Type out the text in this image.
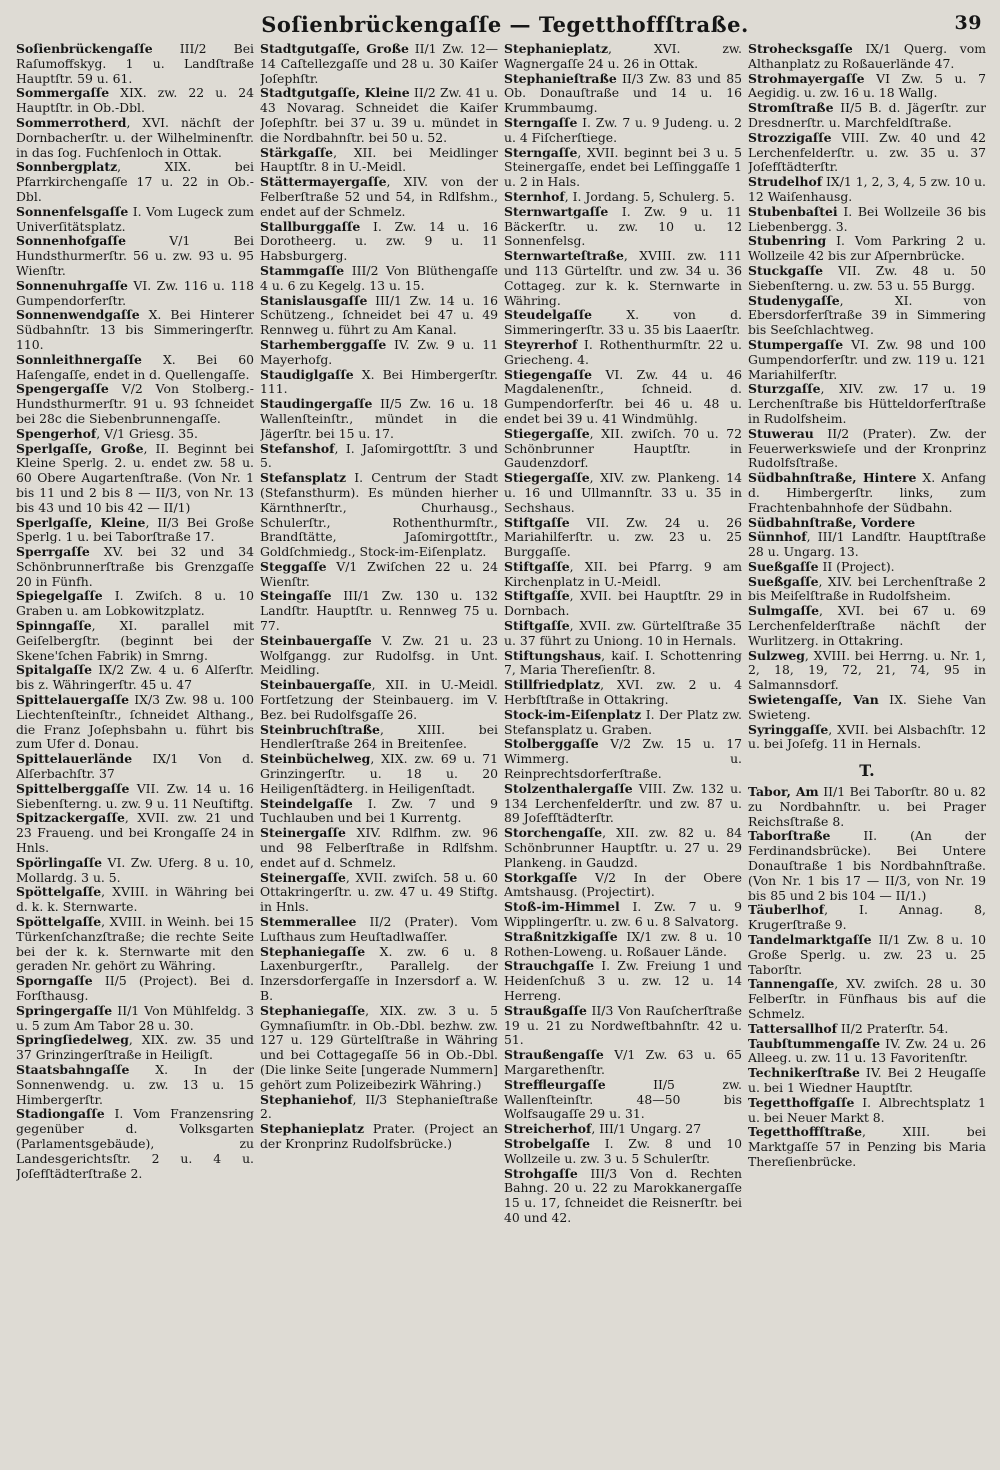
Soſienbrückengaſſe — Tegetthoffſtraße.	39

Soſienbrückengaſſe III/2 Bei Raſumoffskyg. 1 u. Landſtraße Hauptſtr. 59 u. 61.

Sommergaſſe XIX. zw. 22 u. 24 Hauptſtr. in Ob.-Dbl.

Sommerrotherd, XVI. nächſt der Dornbacherſtr. u. der Wilhelminenſtr. in das ſog. Fuchſenloch in Ottak.

Sonnbergplatz, XIX. bei Pfarrkirchengaſſe 17 u. 22 in Ob.-Dbl.

Sonnenfelsgaſſe I. Vom Lugeck zum Univerſitätsplatz.

Sonnenhofgaſſe V/1 Bei Hundsthurmerſtr. 56 u. zw. 93 u. 95 Wienſtr.

Sonnenuhrgaſſe VI. Zw. 116 u. 118 Gumpendorferſtr.

Sonnenwendgaſſe X. Bei Hinterer Südbahnſtr. 13 bis Simmeringerſtr. 110.

Sonnleithnergaſſe X. Bei 60 Haſengaſſe, endet in d. Quellengaſſe.

Spengergaſſe V/2 Von Stolberg.-Hundsthurmerſtr. 91 u. 93 ſchneidet bei 28c die Siebenbrunnengaſſe.

Spengerhof, V/1 Griesg. 35.

Sperlgaſſe, Große, II. Beginnt bei Kleine Sperlg. 2. u. endet zw. 58 u. 60 Obere Augartenſtraße. (Von Nr. 1 bis 11 und 2 bis 8 — II/3, von Nr. 13 bis 43 und 10 bis 42 — II/1)

Sperlgaſſe, Kleine, II/3 Bei Große Sperlg. 1 u. bei Taborſtraße 17.

Sperrgaſſe XV. bei 32 und 34 Schönbrunnerſtraße bis Grenzgaſſe 20 in Fünfh.

Spiegelgaſſe I. Zwiſch. 8 u. 10 Graben u. am Lobkowitzplatz.

Spinngaſſe, XI. parallel mit Geiſelbergſtr. (beginnt bei der Skene'ſchen Fabrik) in Smrng.

Spitalgaſſe IX/2 Zw. 4 u. 6 Alſerſtr. bis z. Währingerſtr. 45 u. 47

Spittelauergaſſe IX/3 Zw. 98 u. 100 Liechtenſteinſtr., ſchneidet Althang., die Franz Joſephsbahn u. führt bis zum Ufer d. Donau.

Spittelauerlände IX/1 Von d. Alſerbachſtr. 37

Spittelberggaſſe VII. Zw. 14 u. 16 Siebenſterng. u. zw. 9 u. 11 Neuſtiftg.

Spitzackergaſſe, XVII. zw. 21 und 23 Fraueng. und bei Krongaſſe 24 in Hnls.

Spörlingaſſe VI. Zw. Uferg. 8 u. 10, Mollardg. 3 u. 5.

Spöttelgaſſe, XVIII. in Währing bei d. k. k. Sternwarte.

Spöttelgaſſe, XVIII. in Weinh. bei 15 Türkenſchanzſtraße; die rechte Seite bei der k. k. Sternwarte mit den geraden Nr. gehört zu Währing.

Sporngaſſe II/5 (Project). Bei d. Forſthausg.

Springergaſſe II/1 Von Mühlfeldg. 3 u. 5 zum Am Tabor 28 u. 30.

Springſiedelweg, XIX. zw. 35 und 37 Grinzingerſtraße in Heiligſt.

Staatsbahngaſſe X. In der Sonnenwendg. u. zw. 13 u. 15 Himbergerſtr.

Stadiongaſſe I. Vom Franzensring gegenüber d. Volksgarten (Parlamentsgebäude), zu Landesgerichtsſtr. 2 u. 4 u. Joſefſtädterſtraße 2.

Stadtgutgaſſe, Große II/1 Zw. 12—14 Caſtellezgaſſe und 28 u. 30 Kaiſer Joſephſtr.

Stadtgutgaſſe, Kleine II/2 Zw. 41 u. 43 Novarag. Schneidet die Kaiſer Joſephſtr. bei 37 u. 39 u. mündet in die Nordbahnſtr. bei 50 u. 52.

Stärkgaſſe, XII. bei Meidlinger Hauptſtr. 8 in U.-Meidl.

Stättermayergaſſe, XIV. von der Felberſtraße 52 und 54, in Rdlfshm., endet auf der Schmelz.

Stallburggaſſe I. Zw. 14 u. 16 Dorotheerg. u. zw. 9 u. 11 Habsburgerg.

Stammgaſſe III/2 Von Blüthengaſſe 4 u. 6 zu Kegelg. 13 u. 15.

Stanislausgaſſe III/1 Zw. 14 u. 16 Schützeng., ſchneidet bei 47 u. 49 Rennweg u. führt zu Am Kanal.

Starhemberggaſſe IV. Zw. 9 u. 11 Mayerhofg.

Staudiglgaſſe X. Bei Himbergerſtr. 111.

Staudingergaſſe II/5 Zw. 16 u. 18 Wallenſteinſtr., mündet in die Jägerſtr. bei 15 u. 17.

Stefanshof, I. Jaſomirgottſtr. 3 und 5.

Stefansplatz I. Centrum der Stadt (Stefansthurm). Es münden hierher Kärnthnerſtr., Churhausg., Schulerſtr., Rothenthurmſtr., Brandſtätte, Jaſomirgottſtr., Goldſchmiedg., Stock-im-Eiſenplatz.

Steggaſſe V/1 Zwiſchen 22 u. 24 Wienſtr.

Steingaſſe III/1 Zw. 130 u. 132 Landſtr. Hauptſtr. u. Rennweg 75 u. 77.

Steinbauergaſſe V. Zw. 21 u. 23 Wolfgangg. zur Rudolfsg. in Unt. Meidling.

Steinbauergaſſe, XII. in U.-Meidl. Fortſetzung der Steinbauerg. im V. Bez. bei Rudolfsgaſſe 26.

Steinbruchſtraße, XIII. bei Hendlerſtraße 264 in Breitenſee.

Steinbüchelweg, XIX. zw. 69 u. 71 Grinzingerſtr. u. 18 u. 20 Heiligenſtädterg. in Heiligenſtadt.

Steindelgaſſe I. Zw. 7 und 9 Tuchlauben und bei 1 Kurrentg.

Steinergaſſe XIV. Rdlfhm. zw. 96 und 98 Felberſtraße in Rdlfshm. endet auf d. Schmelz.

Steinergaſſe, XVII. zwiſch. 58 u. 60 Ottakringerſtr. u. zw. 47 u. 49 Stiftg. in Hnls.

Stemmerallee II/2 (Prater). Vom Luſthaus zum Heuſtadlwaſſer.

Stephaniegaſſe X. zw. 6 u. 8 Laxenburgerſtr., Parallelg. der Inzersdorfergaſſe in Inzersdorf a. W. B.

Stephaniegaſſe, XIX. zw. 3 u. 5 Gymnaſiumſtr. in Ob.-Dbl. bezhw. zw. 127 u. 129 Gürtelſtraße in Währing und bei Cottagegaſſe 56 in Ob.-Dbl. (Die linke Seite [ungerade Nummern] gehört zum Polizeibezirk Währing.)

Stephaniehof, II/3 Stephanieſtraße 2.

Stephanieplatz Prater. (Project an der Kronprinz Rudolfsbrücke.)

Stephanieplatz, XVI. zw. Wagnergaſſe 24 u. 26 in Ottak.

Stephanieſtraße II/3 Zw. 83 und 85 Ob. Donauſtraße und 14 u. 16 Krummbaumg.

Sterngaſſe I. Zw. 7 u. 9 Judeng. u. 2 u. 4 Fiſcherſtiege.

Sterngaſſe, XVII. beginnt bei 3 u. 5 Steinergaſſe, endet bei Leſſinggaſſe 1 u. 2 in Hals.

Sternhof, I. Jordang. 5, Schulerg. 5.

Sternwartgaſſe I. Zw. 9 u. 11 Bäckerſtr. u. zw. 10 u. 12 Sonnenfelsg.

Sternwarteſtraße, XVIII. zw. 111 und 113 Gürtelſtr. und zw. 34 u. 36 Cottageg. zur k. k. Sternwarte in Währing.

Steudelgaſſe X. von d. Simmeringerſtr. 33 u. 35 bis Laaerſtr.

Steyrerhof I. Rothenthurmſtr. 22 u. Griecheng. 4.

Stiegengaſſe VI. Zw. 44 u. 46 Magdalenenſtr., ſchneid. d. Gumpendorferſtr. bei 46 u. 48 u. endet bei 39 u. 41 Windmühlg.

Stiegergaſſe, XII. zwiſch. 70 u. 72 Schönbrunner Hauptſtr. in Gaudenzdorf.

Stiegergaſſe, XIV. zw. Plankeng. 14 u. 16 und Ullmannſtr. 33 u. 35 in Sechshaus.

Stiftgaſſe VII. Zw. 24 u. 26 Mariahilferſtr. u. zw. 23 u. 25 Burggaſſe.

Stiftgaſſe, XII. bei Pfarrg. 9 am Kirchenplatz in U.-Meidl.

Stiftgaſſe, XVII. bei Hauptſtr. 29 in Dornbach.

Stiftgaſſe, XVII. zw. Gürtelſtraße 35 u. 37 führt zu Uniong. 10 in Hernals.

Stiftungshaus, kaiſ. I. Schottenring 7, Maria Thereſienſtr. 8.

Stillfriedplatz, XVI. zw. 2 u. 4 Herbſtſtraße in Ottakring.

Stock-im-Eiſenplatz I. Der Platz zw. Stefansplatz u. Graben.

Stolberggaſſe V/2 Zw. 15 u. 17 Wimmerg. u. Reinprechtsdorferſtraße.

Stolzenthalergaſſe VIII. Zw. 132 u. 134 Lerchenfelderſtr. und zw. 87 u. 89 Joſefſtädterſtr.

Storchengaſſe, XII. zw. 82 u. 84 Schönbrunner Hauptſtr. u. 27 u. 29 Plankeng. in Gaudzd.

Storkgaſſe V/2 In der Obere Amtshausg. (Projectirt).

Stoß-im-Himmel I. Zw. 7 u. 9 Wipplingerſtr. u. zw. 6 u. 8 Salvatorg.

Straßnitzkigaſſe IX/1 zw. 8 u. 10 Rothen-Loweng. u. Roßauer Lände.

Strauchgaſſe I. Zw. Freiung 1 und Heidenſchuß 3 u. zw. 12 u. 14 Herreng.

Straußgaſſe II/3 Von Rauſcherſtraße 19 u. 21 zu Nordweſtbahnſtr. 42 u. 51.

Straußengaſſe V/1 Zw. 63 u. 65 Margarethenſtr.

Streffleurgaſſe II/5 zw. Wallenſteinſtr. 48—50 bis Wolfsaugaſſe 29 u. 31.

Streicherhof, III/1 Ungarg. 27

Strobelgaſſe I. Zw. 8 und 10 Wollzeile u. zw. 3 u. 5 Schulerſtr.

Strohgaſſe III/3 Von d. Rechten Bahng. 20 u. 22 zu Marokkanergaſſe 15 u. 17, ſchneidet die Reisnerſtr. bei 40 und 42.

Strohecksgaſſe IX/1 Querg. vom Althanplatz zu Roßauerlände 47.

Strohmayergaſſe VI Zw. 5 u. 7 Aegidig. u. zw. 16 u. 18 Wallg.

Stromſtraße II/5 B. d. Jägerſtr. zur Dresdnerſtr. u. Marchfeldſtraße.

Strozzigaſſe VIII. Zw. 40 und 42 Lerchenfelderſtr. u. zw. 35 u. 37 Joſefſtädterſtr.

Strudelhof IX/1 1, 2, 3, 4, 5 zw. 10 u. 12 Waiſenhausg.

Stubenbaſtei I. Bei Wollzeile 36 bis Liebenbergg. 3.

Stubenring I. Vom Parkring 2 u. Wollzeile 42 bis zur Aſpernbrücke.

Stuckgaſſe VII. Zw. 48 u. 50 Siebenſterng. u. zw. 53 u. 55 Burgg.

Studenygaſſe, XI. von Ebersdorferſtraße 39 in Simmering bis Seeſchlachtweg.

Stumpergaſſe VI. Zw. 98 und 100 Gumpendorferſtr. und zw. 119 u. 121 Mariahilferſtr.

Sturzgaſſe, XIV. zw. 17 u. 19 Lerchenſtraße bis Hütteldorferſtraße in Rudolfsheim.

Stuwerau II/2 (Prater). Zw. der Feuerwerkswieſe und der Kronprinz Rudolfsſtraße.

Südbahnſtraße, Hintere X. Anfang d. Himbergerſtr. links, zum Frachtenbahnhofe der Südbahn.

Südbahnſtraße, Vordere

Sünnhof, III/1 Landſtr. Hauptſtraße 28 u. Ungarg. 13.

Sueßgaſſe II (Project).

Sueßgaſſe, XIV. bei Lerchenſtraße 2 bis Meiſelſtraße in Rudolfsheim.

Sulmgaſſe, XVI. bei 67 u. 69 Lerchenfelderſtraße nächſt der Wurlitzerg. in Ottakring.

Sulzweg, XVIII. bei Herrng. u. Nr. 1, 2, 18, 19, 72, 21, 74, 95 in Salmannsdorf.

Swietengaſſe, Van IX. Siehe Van Swieteng.

Syringgaſſe, XVII. bei Alsbachſtr. 12 u. bei Joſefg. 11 in Hernals.

T.

Tabor, Am II/1 Bei Taborſtr. 80 u. 82 zu Nordbahnſtr. u. bei Prager Reichsſtraße 8.

Taborſtraße II. (An der Ferdinandsbrücke). Bei Untere Donauſtraße 1 bis Nordbahnſtraße. (Von Nr. 1 bis 17 — II/3, von Nr. 19 bis 85 und 2 bis 104 — II/1.)

Täuberlhof, I. Annag. 8, Krugerſtraße 9.

Tandelmarktgaſſe II/1 Zw. 8 u. 10 Große Sperlg. u. zw. 23 u. 25 Taborſtr.

Tannengaſſe, XV. zwiſch. 28 u. 30 Felberſtr. in Fünfhaus bis auf die Schmelz.

Tattersallhof II/2 Praterſtr. 54.

Taubſtummengaſſe IV. Zw. 24 u. 26 Alleeg. u. zw. 11 u. 13 Favoritenſtr.

Technikerſtraße IV. Bei 2 Heugaſſe u. bei 1 Wiedner Hauptſtr.

Tegetthoffgaſſe I. Albrechtsplatz 1 u. bei Neuer Markt 8.

Tegetthoffſtraße, XIII. bei Marktgaſſe 57 in Penzing bis Maria Thereſienbrücke.
